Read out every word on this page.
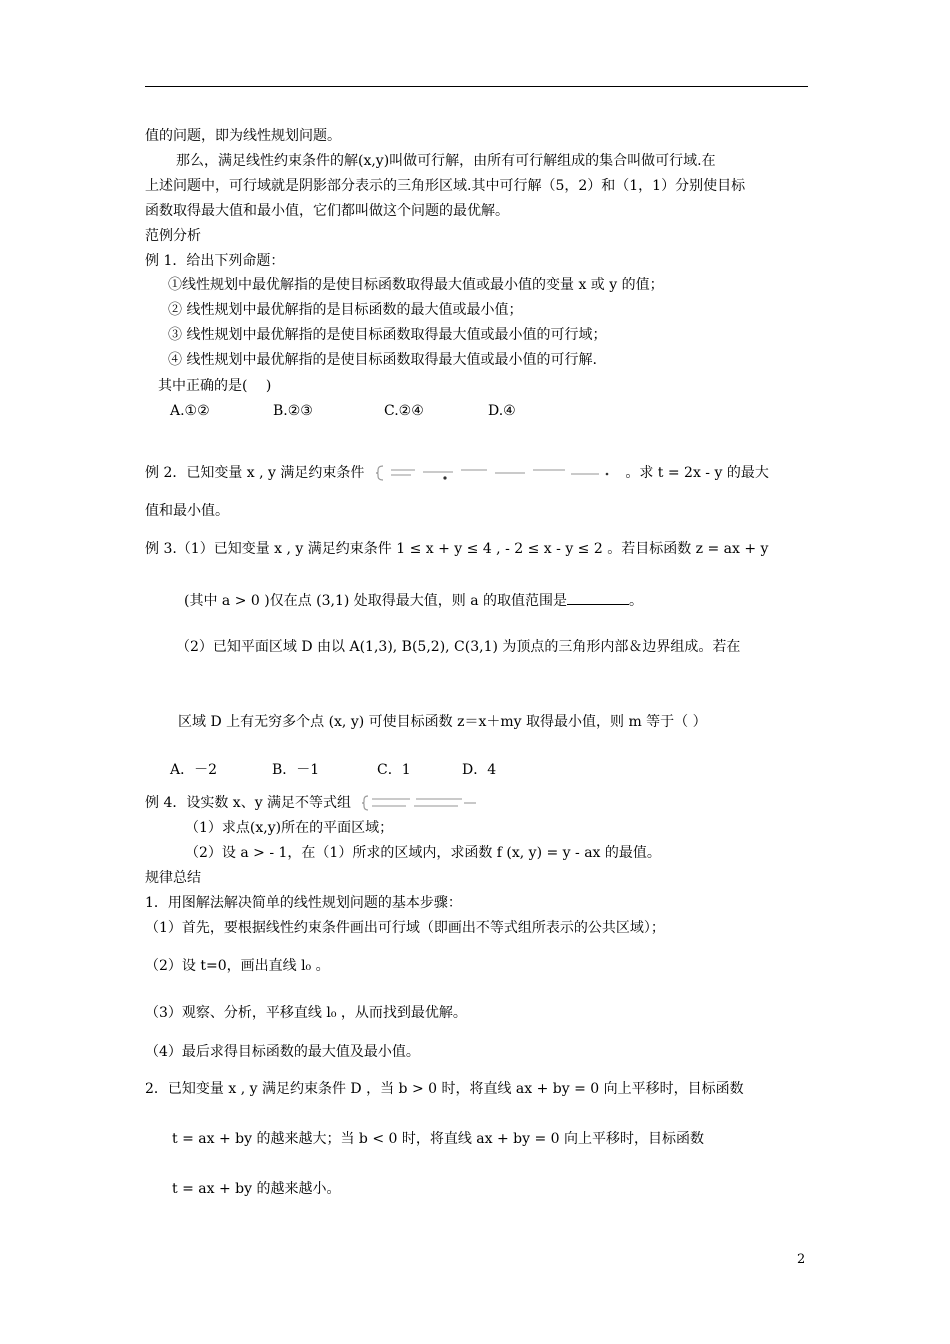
值的问题，即为线性规划问题。
那么，满足线性约束条件的解(x,y)叫做可行解，由所有可行解组成的集合叫做可行域.在
上述问题中，可行域就是阴影部分表示的三角形区域.其中可行解（5，2）和（1，1）分别使目标
函数取得最大值和最小值，它们都叫做这个问题的最优解。
范例分析
例 1．给出下列命题：
①线性规划中最优解指的是使目标函数取得最大值或最小值的变量 x 或 y 的值；
② 线性规划中最优解指的是目标函数的最大值或最小值；
③ 线性规划中最优解指的是使目标函数取得最大值或最小值的可行域；
④ 线性规划中最优解指的是使目标函数取得最大值或最小值的可行解.
其中正确的是(　 )
A.①②	B.②③	C.②④	D.④
例 2．已知变量 x , y 满足约束条件	。求 t = 2x - y 的最大
值和最小值。
例 3.（1）已知变量 x , y 满足约束条件 1 ≤ x + y ≤ 4 , - 2 ≤ x - y ≤ 2 。若目标函数 z = ax + y
(其中 a > 0 )仅在点 (3,1) 处取得最大值，则 a 的取值范围是	。
（2）已知平面区域 D 由以 A(1,3), B(5,2), C(3,1) 为顶点的三角形内部＆边界组成。若在
区域 D 上有无穷多个点 (x, y) 可使目标函数 z＝x＋my 取得最小值，则 m 等于（ ）
A．－2	B．－1	C．1	D．4
例 4．设实数 x、y 满足不等式组
（1）求点(x,y)所在的平面区域；
（2）设 a > - 1，在（1）所求的区域内，求函数 f (x, y) = y - ax 的最值。
规律总结
1．用图解法解决简单的线性规划问题的基本步骤：
（1）首先，要根据线性约束条件画出可行域（即画出不等式组所表示的公共区域）；
（2）设 t=0，画出直线 l₀ 。
（3）观察、分析，平移直线 l₀ ，从而找到最优解。
（4）最后求得目标函数的最大值及最小值。
2．已知变量 x , y 满足约束条件 D ，当 b > 0 时，将直线 ax + by = 0 向上平移时，目标函数
t = ax + by 的越来越大；当 b < 0 时，将直线 ax + by = 0 向上平移时，目标函数
t = ax + by 的越来越小。
2
